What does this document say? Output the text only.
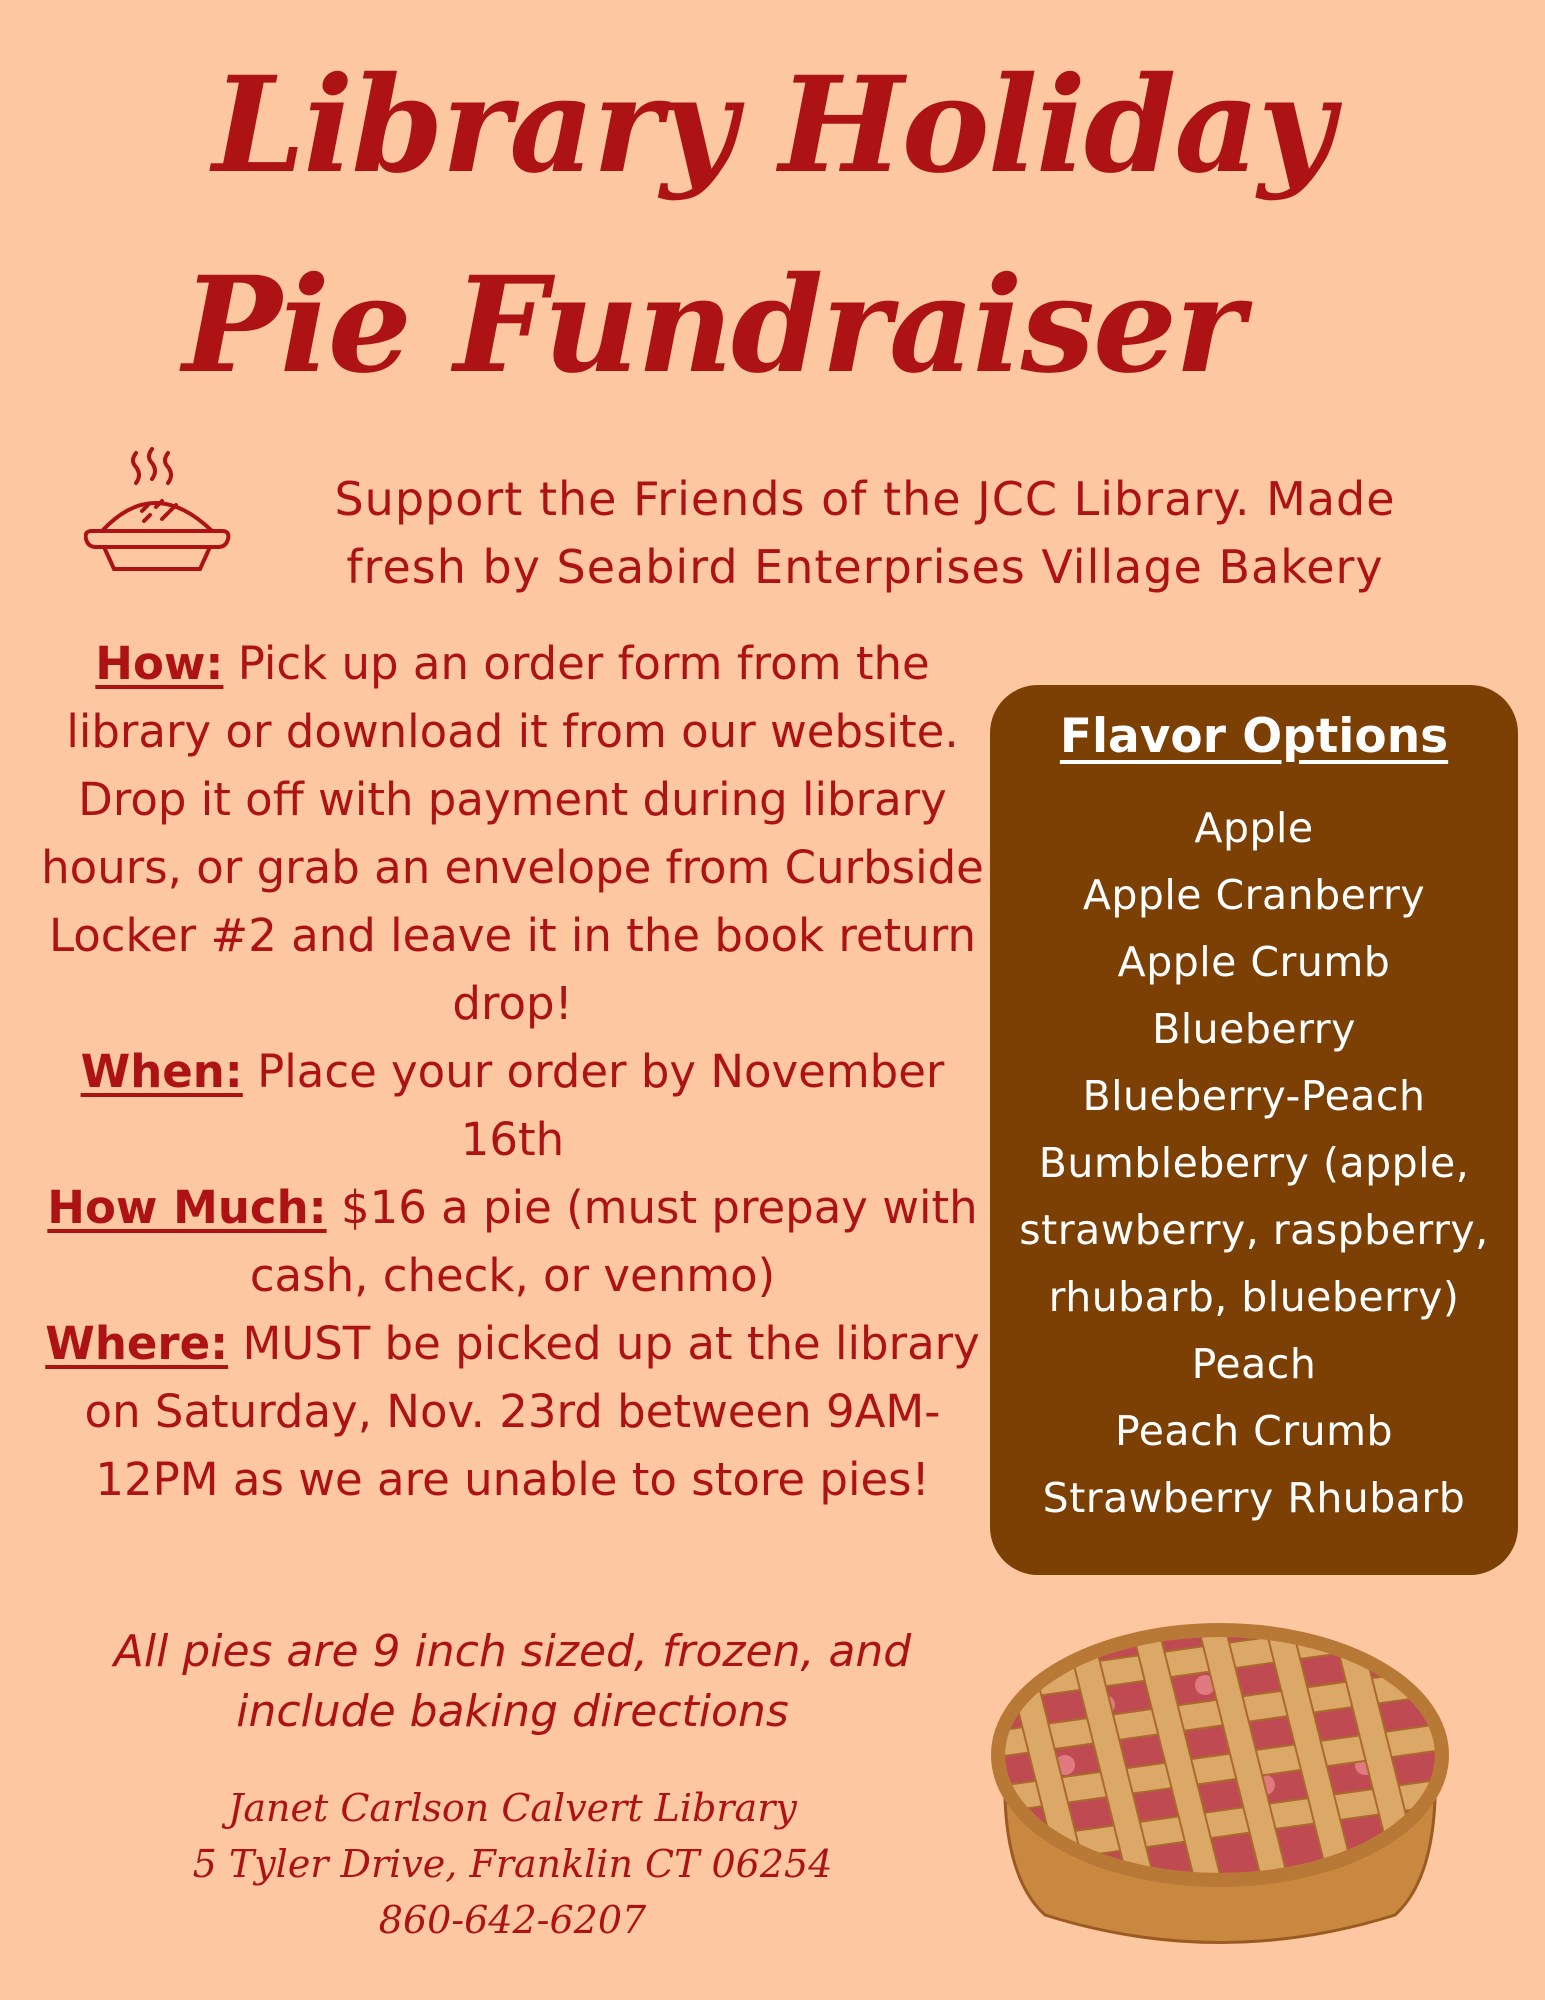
Library Holiday
Pie Fundraiser
Support the Friends of the JCC Library. Made
fresh by Seabird Enterprises Village Bakery

How: Pick up an order form from the library or download it from our website. Drop it off with payment during library hours, or grab an envelope from Curbside Locker #2 and leave it in the book return drop!

When: Place your order by November 16th

How Much: $16 a pie (must prepay with cash, check, or venmo)

Where: MUST be picked up at the library on Saturday, Nov. 23rd between 9AM-12PM as we are unable to store pies!

All pies are 9 inch sized, frozen, and
include baking directions
Janet Carlson Calvert Library
5 Tyler Drive, Franklin CT 06254
860-642-6207
Flavor Options
Apple
Apple Cranberry
Apple Crumb
Blueberry
Blueberry-Peach
Bumbleberry (apple,
strawberry, raspberry,
rhubarb, blueberry)
Peach
Peach Crumb
Strawberry Rhubarb
